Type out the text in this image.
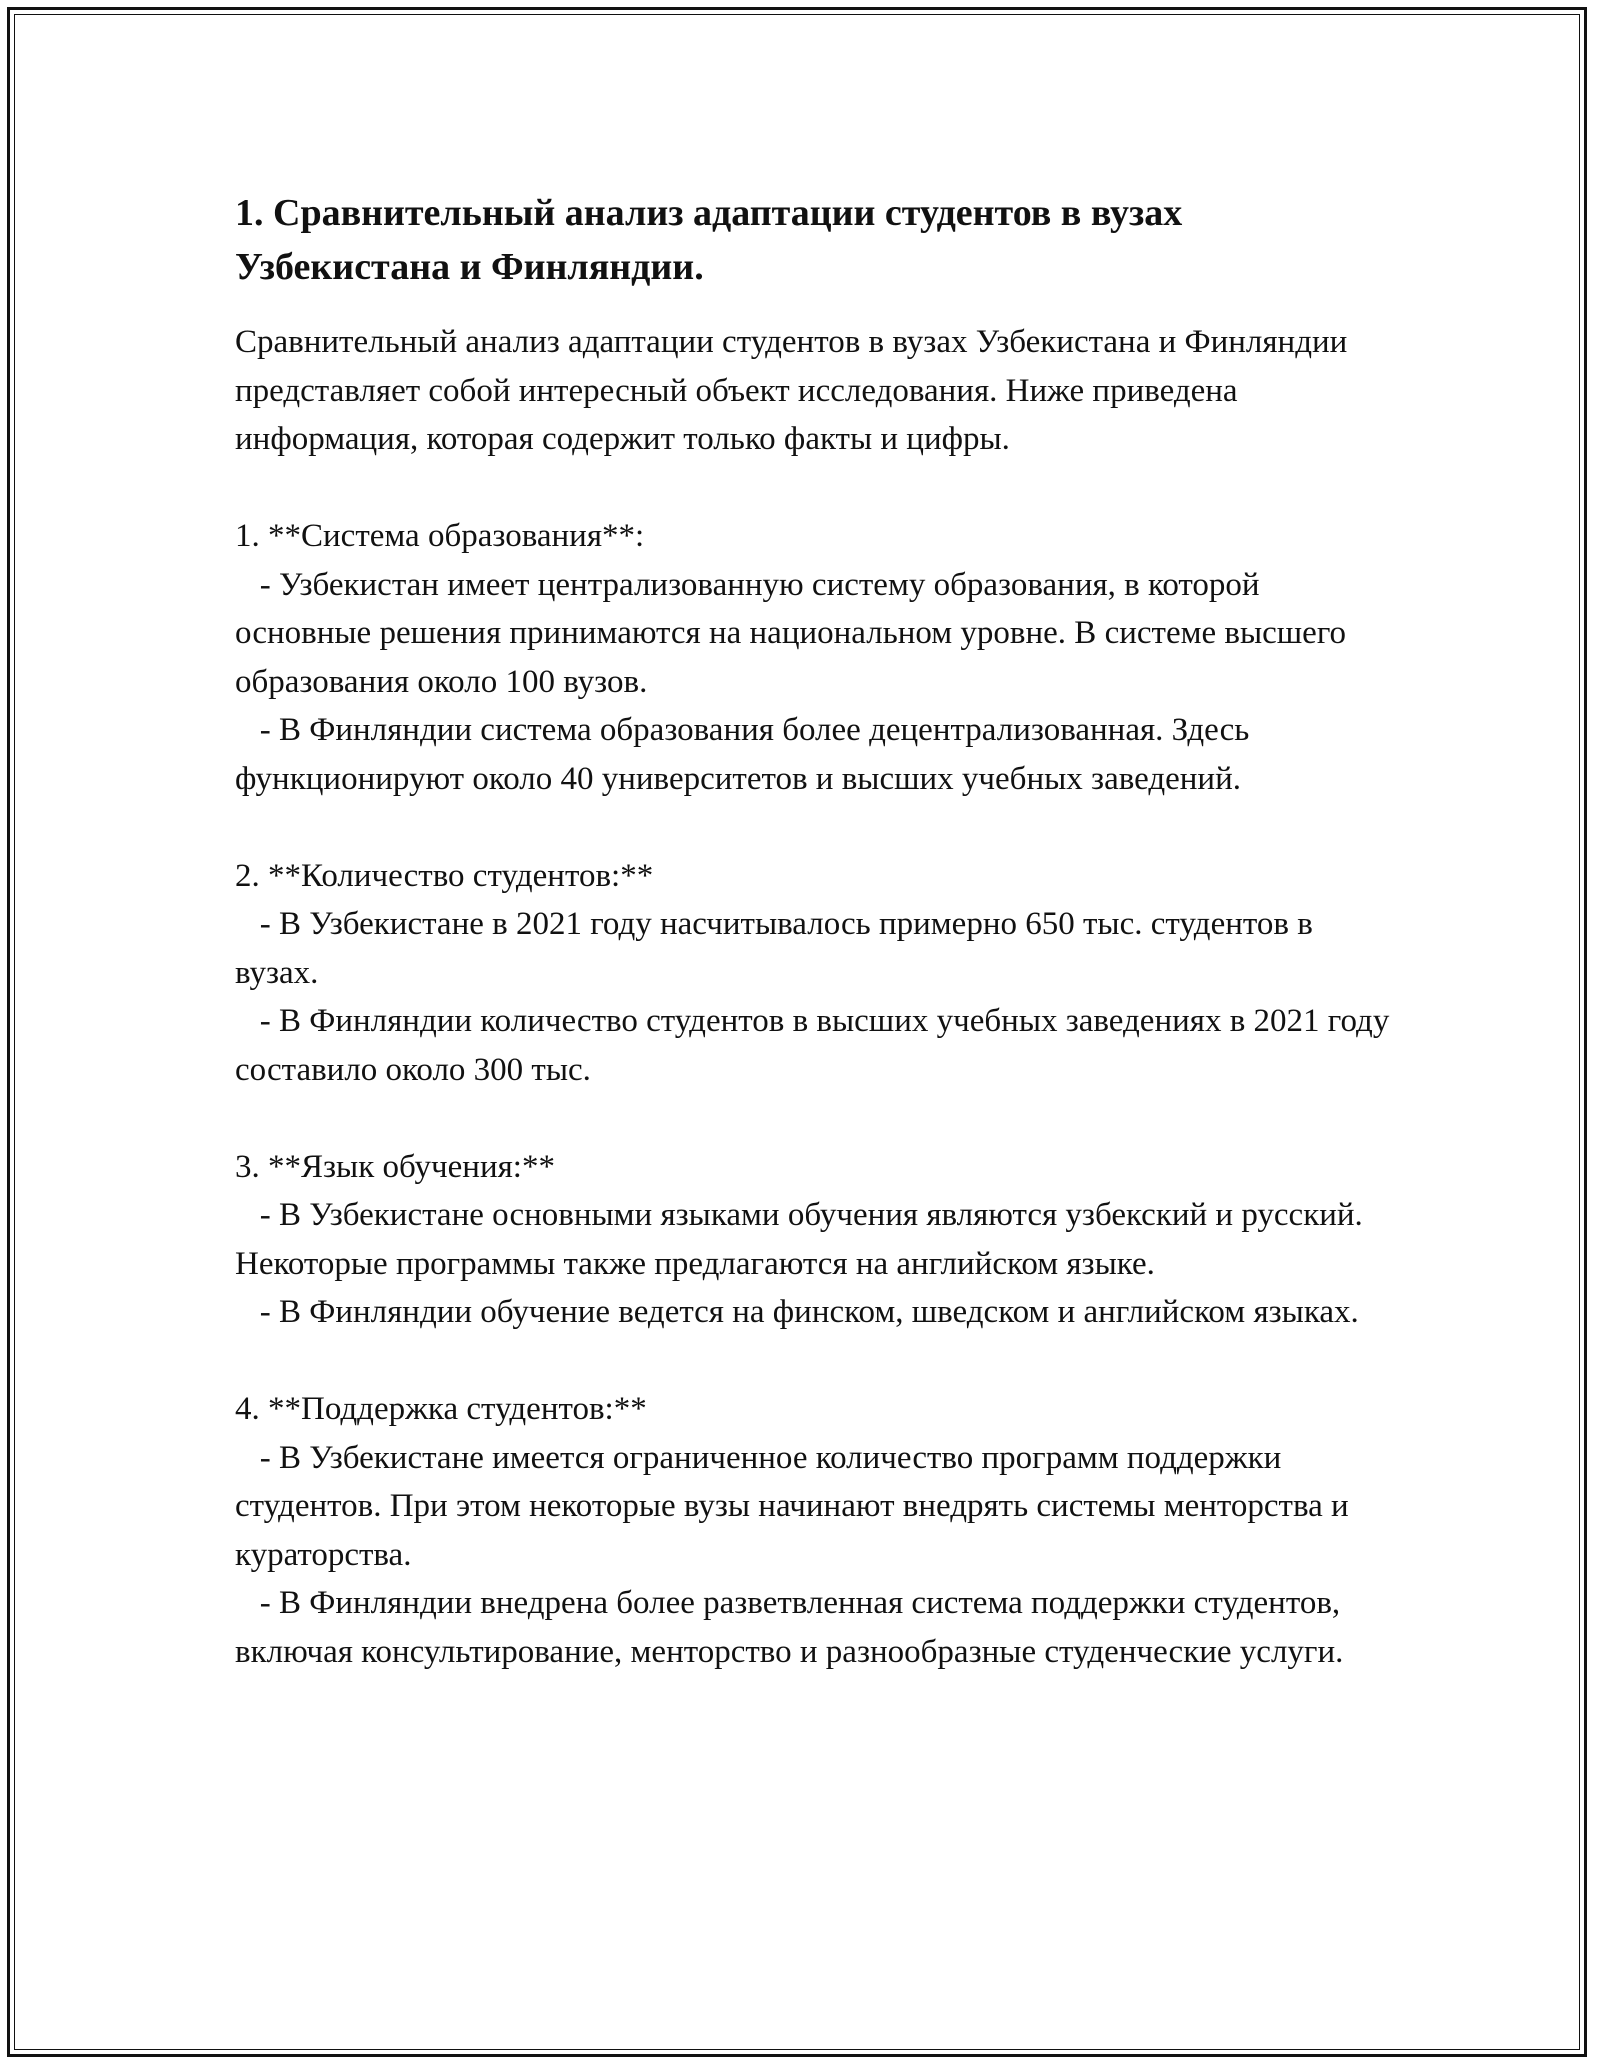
1. Сравнительный анализ адаптации студентов в вузах
Узбекистана и Финляндии.

Сравнительный анализ адаптации студентов в вузах Узбекистана и Финляндии представляет собой интересный объект исследования. Ниже приведена информация, которая содержит только факты и цифры.

1. **Система образования**:

- Узбекистан имеет централизованную систему образования, в которой основные решения принимаются на национальном уровне. В системе высшего образования около 100 вузов.

- В Финляндии система образования более децентрализованная. Здесь функционируют около 40 университетов и высших учебных заведений.

2. **Количество студентов:**

- В Узбекистане в 2021 году насчитывалось примерно 650 тыс. студентов в вузах.

- В Финляндии количество студентов в высших учебных заведениях в 2021 году составило около 300 тыс.

3. **Язык обучения:**

- В Узбекистане основными языками обучения являются узбекский и русский. Некоторые программы также предлагаются на английском языке.

- В Финляндии обучение ведется на финском, шведском и английском языках.

4. **Поддержка студентов:**

- В Узбекистане имеется ограниченное количество программ поддержки студентов. При этом некоторые вузы начинают внедрять системы менторства и кураторства.

- В Финляндии внедрена более разветвленная система поддержки студентов, включая консультирование, менторство и разнообразные студенческие услуги.
